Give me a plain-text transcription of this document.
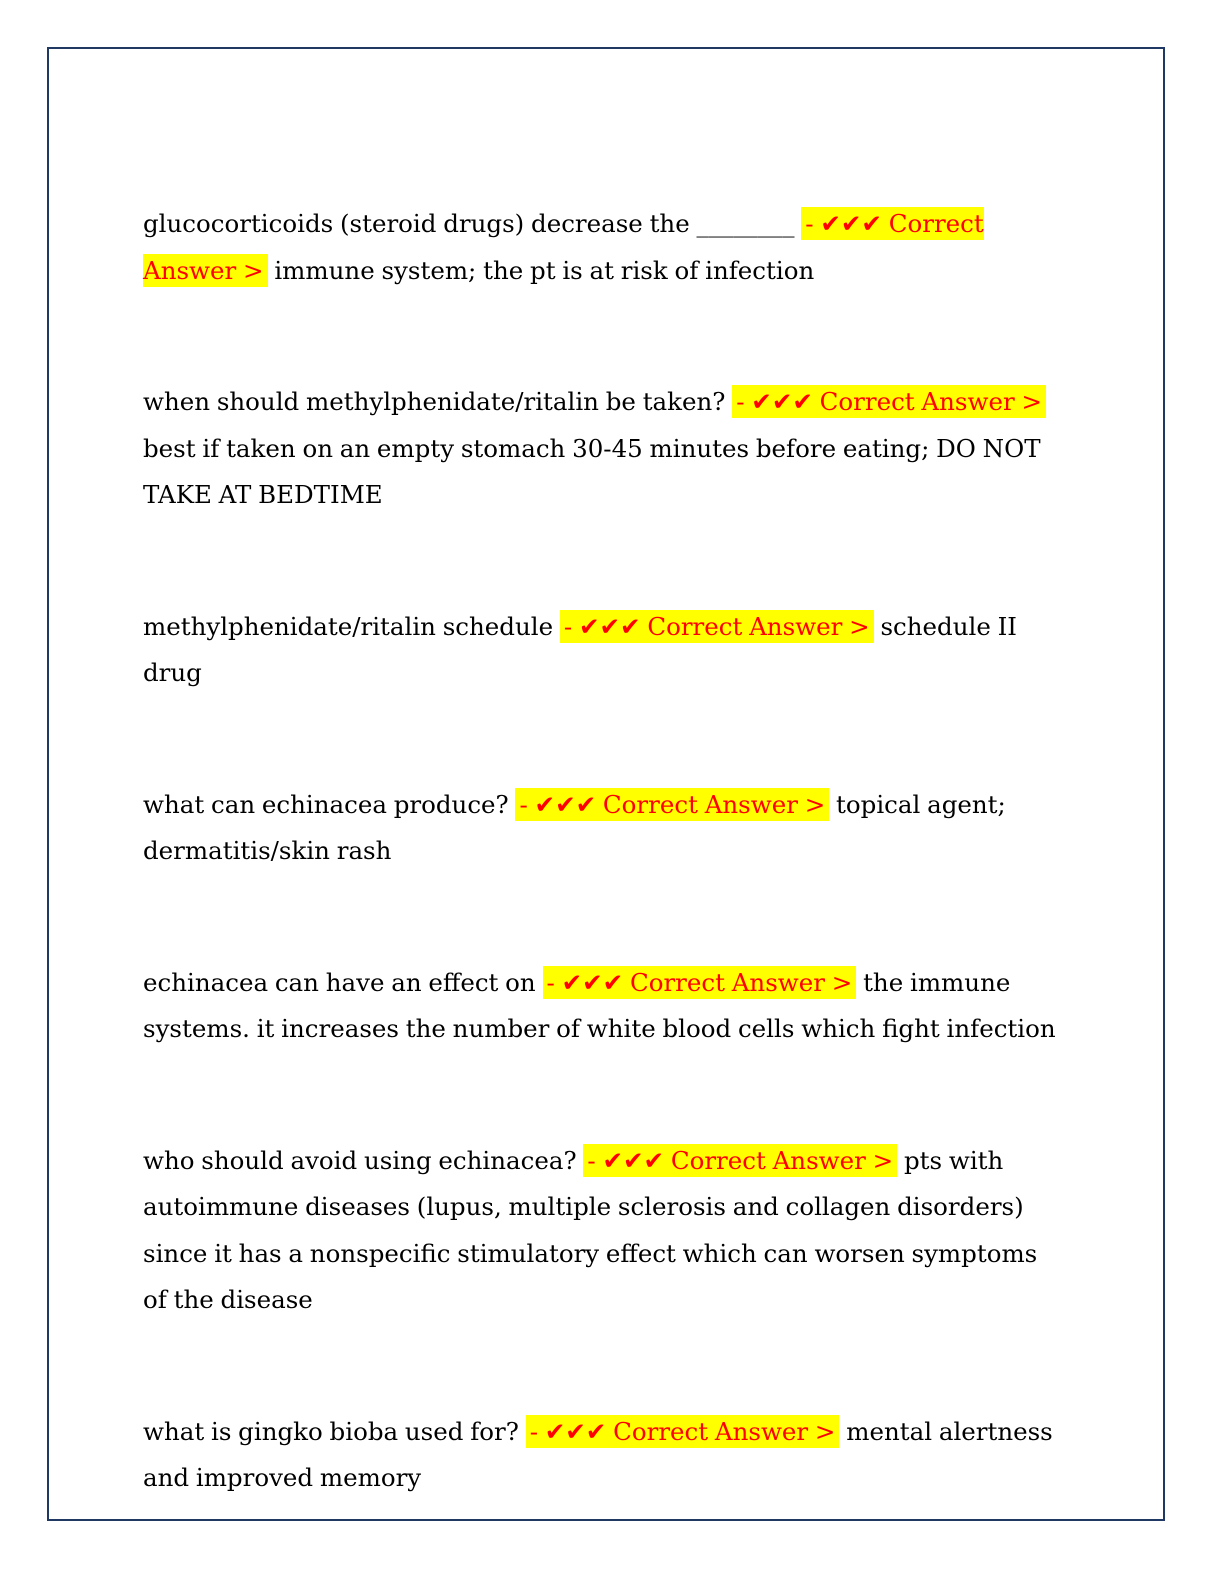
glucocorticoids (steroid drugs) decrease the ________ - ✔✔✔ Correct Answer > immune system; the pt is at risk of infection

when should methylphenidate/ritalin be taken? - ✔✔✔ Correct Answer > best if taken on an empty stomach 30-45 minutes before eating; DO NOT TAKE AT BEDTIME

methylphenidate/ritalin schedule - ✔✔✔ Correct Answer > schedule II drug

what can echinacea produce? - ✔✔✔ Correct Answer > topical agent; dermatitis/skin rash

echinacea can have an effect on - ✔✔✔ Correct Answer > the immune systems. it increases the number of white blood cells which fight infection

who should avoid using echinacea? - ✔✔✔ Correct Answer > pts with autoimmune diseases (lupus, multiple sclerosis and collagen disorders) since it has a nonspecific stimulatory effect which can worsen symptoms of the disease

what is gingko bioba used for? - ✔✔✔ Correct Answer > mental alertness and improved memory
